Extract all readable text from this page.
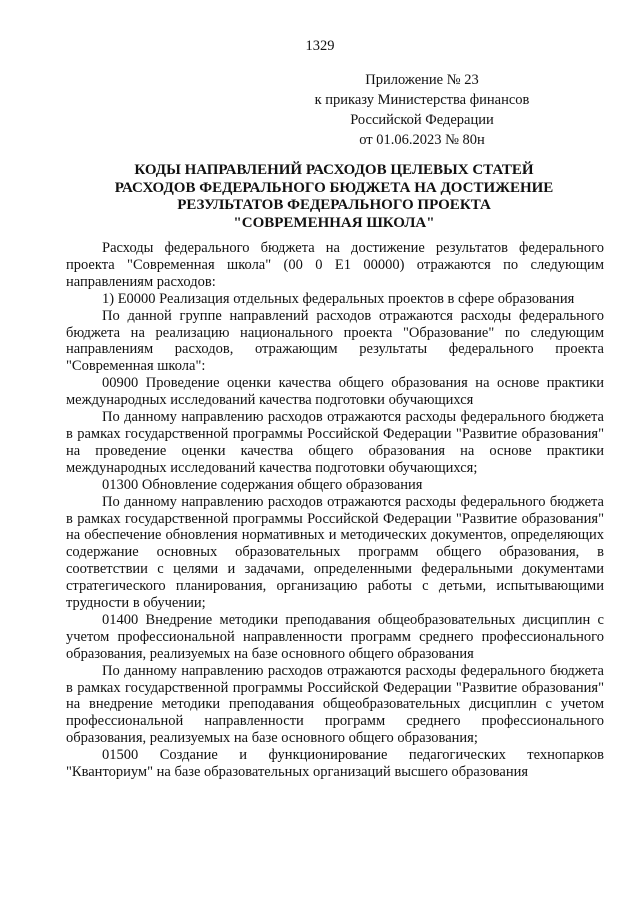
1329
Приложение № 23
к приказу Министерства финансов
Российской Федерации
от 01.06.2023 № 80н
КОДЫ НАПРАВЛЕНИЙ РАСХОДОВ ЦЕЛЕВЫХ СТАТЕЙ
РАСХОДОВ ФЕДЕРАЛЬНОГО БЮДЖЕТА НА ДОСТИЖЕНИЕ
РЕЗУЛЬТАТОВ ФЕДЕРАЛЬНОГО ПРОЕКТА
"СОВРЕМЕННАЯ ШКОЛА"
Расходы федерального бюджета на достижение результатов федерального проекта "Современная школа" (00 0 Е1 00000) отражаются по следующим направлениям расходов:
1) Е0000 Реализация отдельных федеральных проектов в сфере образования
По данной группе направлений расходов отражаются расходы федерального бюджета на реализацию национального проекта "Образование" по следующим направлениям расходов, отражающим результаты федерального проекта "Современная школа":
00900 Проведение оценки качества общего образования на основе практики международных исследований качества подготовки обучающихся
По данному направлению расходов отражаются расходы федерального бюджета в рамках государственной программы Российской Федерации "Развитие образования" на проведение оценки качества общего образования на основе практики международных исследований качества подготовки обучающихся;
01300 Обновление содержания общего образования
По данному направлению расходов отражаются расходы федерального бюджета в рамках государственной программы Российской Федерации "Развитие образования" на обеспечение обновления нормативных и методических документов, определяющих содержание основных образовательных программ общего образования, в соответствии с целями и задачами, определенными федеральными документами стратегического планирования, организацию работы с детьми, испытывающими трудности в обучении;
01400 Внедрение методики преподавания общеобразовательных дисциплин с учетом профессиональной направленности программ среднего профессионального образования, реализуемых на базе основного общего образования
По данному направлению расходов отражаются расходы федерального бюджета в рамках государственной программы Российской Федерации "Развитие образования" на внедрение методики преподавания общеобразовательных дисциплин с учетом профессиональной направленности программ среднего профессионального образования, реализуемых на базе основного общего образования;
01500 Создание и функционирование педагогических технопарков "Кванториум" на базе образовательных организаций высшего образования
